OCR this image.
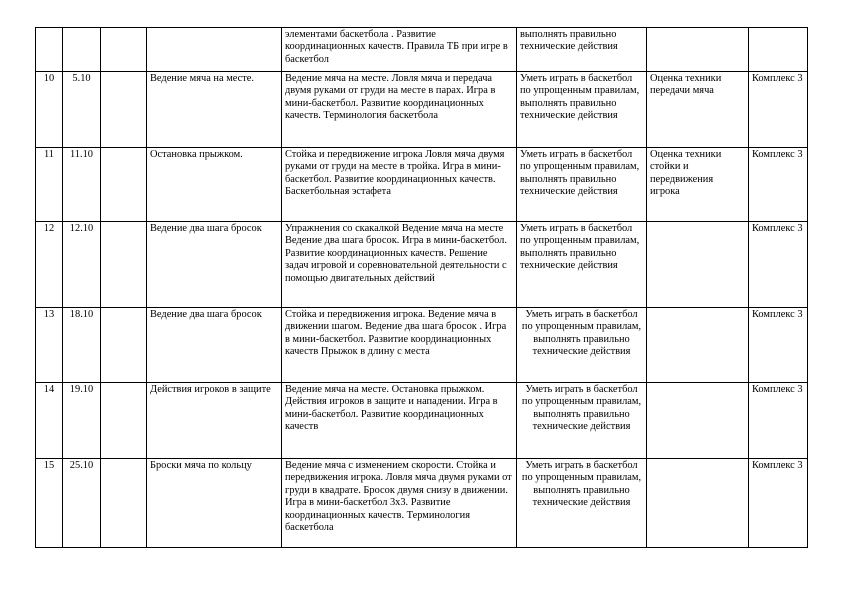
				элементами баскетбола . Развитие координационных качеств. Правила ТБ при игре в баскетбол	выполнять правильно технические действия		
10	5.10		Ведение мяча на месте.	Ведение мяча на месте. Ловля мяча и передача двумя руками от груди на месте в парах. Игра в мини-баскетбол. Развитие координационных качеств. Терминология баскетбола	Уметь играть в баскетбол по упрощенным правилам, выполнять правильно технические действия	Оценка техники передачи мяча	Комплекс 3
11	11.10		Остановка прыжком.	Стойка и передвижение игрока Ловля мяча двумя руками от груди на месте в тройка. Игра в мини-баскетбол. Развитие координационных качеств. Баскетбольная эстафета	Уметь играть в баскетбол по упрощенным правилам, выполнять правильно технические действия	Оценка техники стойки и передвижения игрока	Комплекс 3
12	12.10		Ведение два шага бросок	Упражнения со скакалкой Ведение мяча на месте Ведение два шага бросок. Игра в мини-баскетбол. Развитие координационных качеств. Решение задач игровой и соревновательной деятельности с помощью двигательных действий	Уметь играть в баскетбол по упрощенным правилам, выполнять правильно технические действия		Комплекс 3
13	18.10		Ведение два шага бросок	Стойка и передвижения игрока. Ведение мяча в движении шагом. Ведение два шага бросок . Игра в мини-баскетбол. Развитие координационных качеств Прыжок в длину с места	Уметь играть в баскетбол по упрощенным правилам, выполнять правильно технические действия		Комплекс 3
14	19.10		Действия игроков в защите	Ведение мяча на месте. Остановка прыжком. Действия игроков в защите и нападении. Игра в мини-баскетбол. Развитие координационных качеств	Уметь играть в баскетбол по упрощенным правилам, выполнять правильно технические действия		Комплекс 3
15	25.10		Броски мяча по кольцу	Ведение мяча с изменением скорости. Стойка и передвижения игрока. Ловля мяча двумя руками от груди в квадрате. Бросок двумя снизу в движении. Игра в мини-баскетбол 3х3. Развитие координационных качеств. Терминология баскетбола	Уметь играть в баскетбол по упрощенным правилам, выполнять правильно технические действия		Комплекс 3
